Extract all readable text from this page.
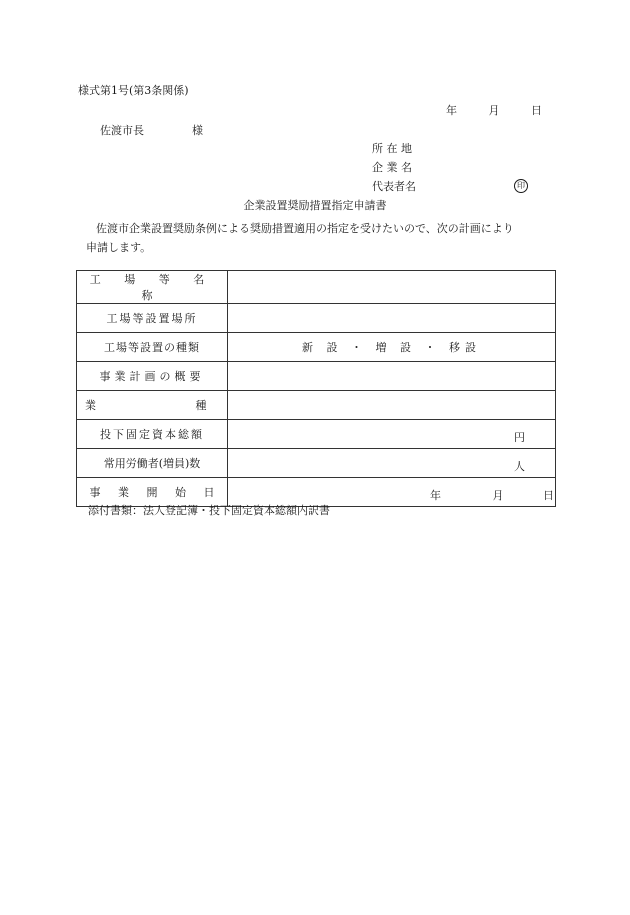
様式第1号(第3条関係)
年	月	日
佐渡市長	様
所 在 地
企 業 名
代表者名	印
企業設置奨励措置指定申請書
佐渡市企業設置奨励条例による奨励措置適用の指定を受けたいので、次の計画により
申請します。
工 場 等 名 称	
工場等設置場所	
工場等設置の種類	新 設 ・ 増 設 ・ 移設
事業計画の概要	
業 種	
投下固定資本総額	円

常用労働者(増員)数	人

事 業 開 始 日	年 月 日
添付書類：法人登記簿・投下固定資本総額内訳書
